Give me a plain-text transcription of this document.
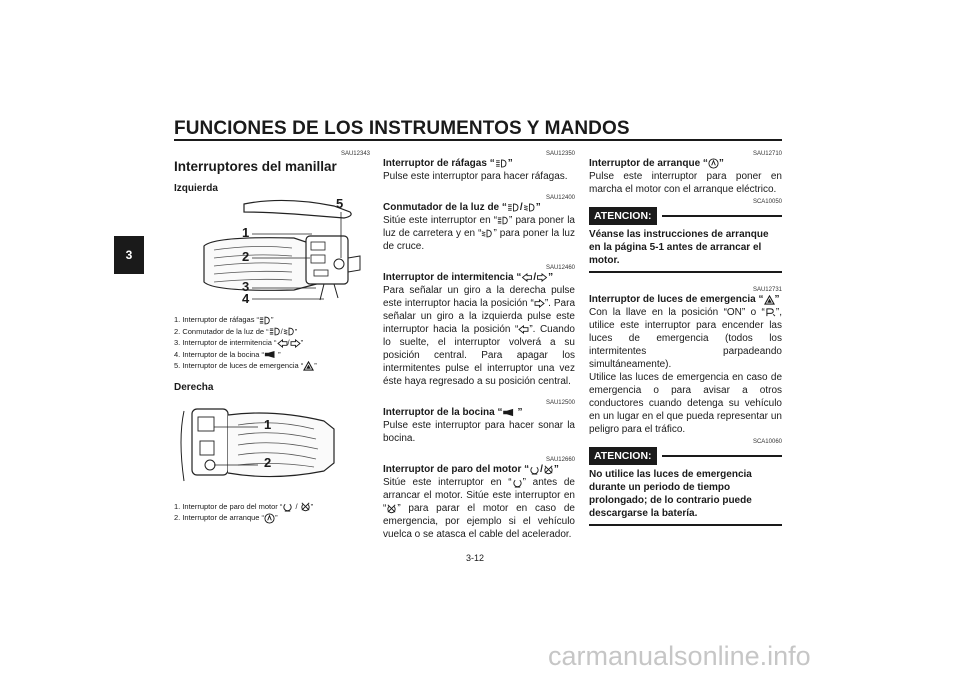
FUNCIONES DE LOS INSTRUMENTOS Y MANDOS
3
SAU12343
Interruptores del manillar
Izquierda
1
2
3
4
5
1. Interruptor de ráfagas “ ”
2. Conmutador de la luz de “ / ”
3. Interruptor de intermitencia “ / ”
4. Interruptor de la bocina “ ”
5. Interruptor de luces de emergencia “ ”
Derecha
1
2
1. Interruptor de paro del motor “ / ”
2. Interruptor de arranque “ ”
SAU12350
Interruptor de ráfagas “ ”
Pulse este interruptor para hacer ráfagas.
SAU12400
Conmutador de la luz de “ / ”
Sitúe este interruptor en “ ” para poner la luz de carretera y en “ ” para poner la luz de cruce.
SAU12460
Interruptor de intermitencia “ / ”
Para señalar un giro a la derecha pulse este interruptor hacia la posición “ ”. Para señalar un giro a la izquierda pulse este interruptor hacia la posición “ ”. Cuando lo suelte, el interruptor volverá a su posición central. Para apagar los intermitentes pulse el interruptor una vez éste haya regresado a su posición central.
SAU12500
Interruptor de la bocina “ ”
Pulse este interruptor para hacer sonar la bocina.
SAU12660
Interruptor de paro del motor “ / ”
Sitúe este interruptor en “ ” antes de arrancar el motor. Sitúe este interruptor en “ ” para parar el motor en caso de emergencia, por ejemplo si el vehículo vuelca o se atasca el cable del acelerador.
SAU12710
Interruptor de arranque “ ”
Pulse este interruptor para poner en marcha el motor con el arranque eléctrico.
SCA10050
ATENCION:
Véanse las instrucciones de arranque en la página 5-1 antes de arrancar el motor.
SAU12731
Interruptor de luces de emergencia “ ”
Con la llave en la posición “ON” o “ ”, utilice este interruptor para encender las luces de emergencia (todos los intermitentes parpadeando simultáneamente).
Utilice las luces de emergencia en caso de emergencia o para avisar a otros conductores cuando detenga su vehículo en un lugar en el que pueda representar un peligro para el tráfico.
SCA10060
ATENCION:
No utilice las luces de emergencia durante un periodo de tiempo prolongado; de lo contrario puede descargarse la batería.
3-12
carmanualsonline.info
